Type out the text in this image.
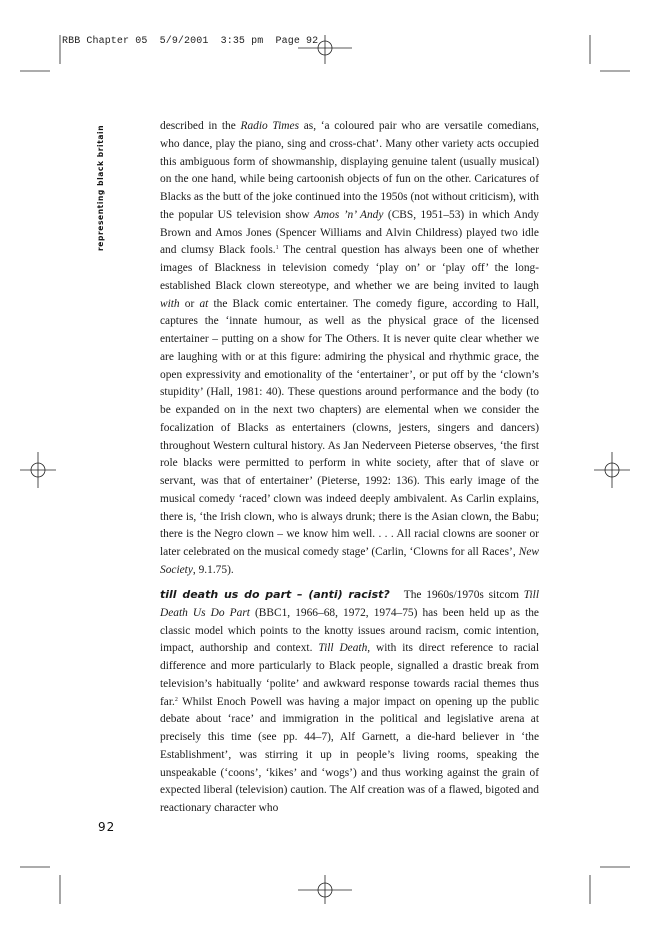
RBB Chapter 05  5/9/2001  3:35 pm  Page 92
representing black britain	described in the Radio Times as, ‘a coloured pair who are versatile comedians, who dance, play the piano, sing and cross-chat’. Many other variety acts occupied this ambiguous form of showmanship, displaying genuine talent (usually musical) on the one hand, while being cartoonish objects of fun on the other. Caricatures of Blacks as the butt of the joke continued into the 1950s (not without criticism), with the popular US television show Amos ’n’ Andy (CBS, 1951–53) in which Andy Brown and Amos Jones (Spencer Williams and Alvin Childress) played two idle and clumsy Black fools.$^1$ The central question has always been one of whether images of Blackness in television comedy ‘play on’ or ‘play off’ the long-established Black clown stereotype, and whether we are being invited to laugh with or at the Black comic entertainer. The comedy figure, according to Hall, captures the ‘innate humour, as well as the physical grace of the licensed entertainer – putting on a show for The Others. It is never quite clear whether we are laughing with or at this figure: admiring the physical and rhythmic grace, the open expressivity and emotionality of the ‘entertainer’, or put off by the ‘clown’s stupidity’ (Hall, 1981: 40). These questions around performance and the body (to be expanded on in the next two chapters) are elemental when we consider the focalization of Blacks as entertainers (clowns, jesters, singers and dancers) throughout Western cultural history. As Jan Nederveen Pieterse observes, ‘the first role blacks were permitted to perform in white society, after that of slave or servant, was that of entertainer’ (Pieterse, 1992: 136). This early image of the musical comedy ‘raced’ clown was indeed deeply ambivalent. As Carlin explains, there is, ‘the Irish clown, who is always drunk; there is the Asian clown, the Babu; there is the Negro clown – we know him well. . . . All racial clowns are sooner or later celebrated on the musical comedy stage’ (Carlin, ‘Clowns for all Races’, New Society, 9.1.75).

till death us do part – (anti) racist? The 1960s/1970s sitcom Till Death Us Do Part (BBC1, 1966–68, 1972, 1974–75) has been held up as the classic model which points to the knotty issues around racism, comic intention, impact, authorship and context. Till Death, with its direct reference to racial difference and more particularly to Black people, signalled a drastic break from television’s habitually ‘polite’ and awkward response towards racial themes thus far.$^2$ Whilst Enoch Powell was having a major impact on opening up the public debate about ‘race’ and immigration in the political and legislative arena at precisely this time (see pp. 44–7), Alf Garnett, a die-hard believer in ‘the Establishment’, was stirring it up in people’s living rooms, speaking the unspeakable (‘coons’, ‘kikes’ and ‘wogs’) and thus working against the grain of expected liberal (television) caution. The Alf creation was of a flawed, bigoted and reactionary character who

92
